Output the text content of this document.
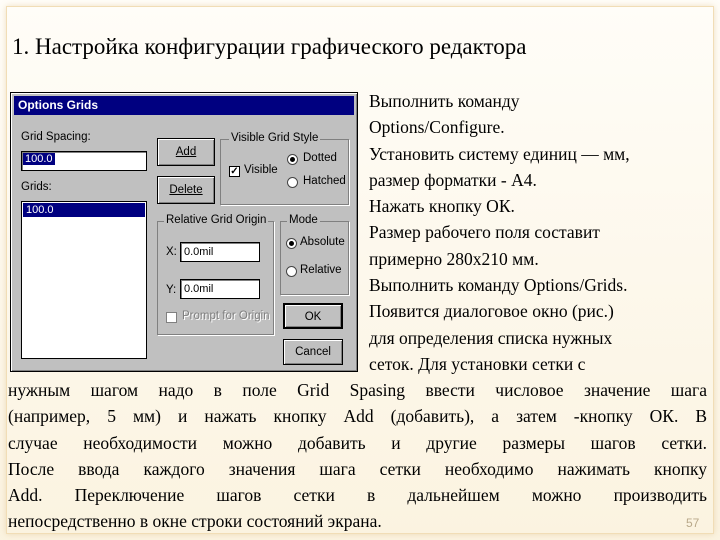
1. Настройка конфигурации графического редактора
Options Grids
Grid Spacing:
100.0
Grids:
100.0
Add
Delete
Visible Grid Style
✓ Visible
Dotted
Hatched
Relative Grid Origin
X: 0.0mil
Y: 0.0mil
Prompt for Origin
Mode
Absolute
Relative
OK
Cancel
Выполнить команду
Options/Configure.
Установить систему единиц — мм,
размер форматки - А4.
Нажать кнопку ОК.
Размер рабочего поля составит
примерно 280х210 мм.
Выполнить команду Options/Grids.
Появится диалоговое окно (рис.)
для определения списка нужных
сеток. Для установки сетки с
нужным шагом надо в поле Grid Spasing ввести числовое значение шага
(например, 5 мм) и нажать кнопку Add (добавить), а затем -кнопку ОК. В
случае необходимости можно добавить и другие размеры шагов сетки.
После ввода каждого значения шага сетки необходимо нажимать кнопку
Add. Переключение шагов сетки в дальнейшем можно производить
непосредственно в окне строки состояний экрана.	57
